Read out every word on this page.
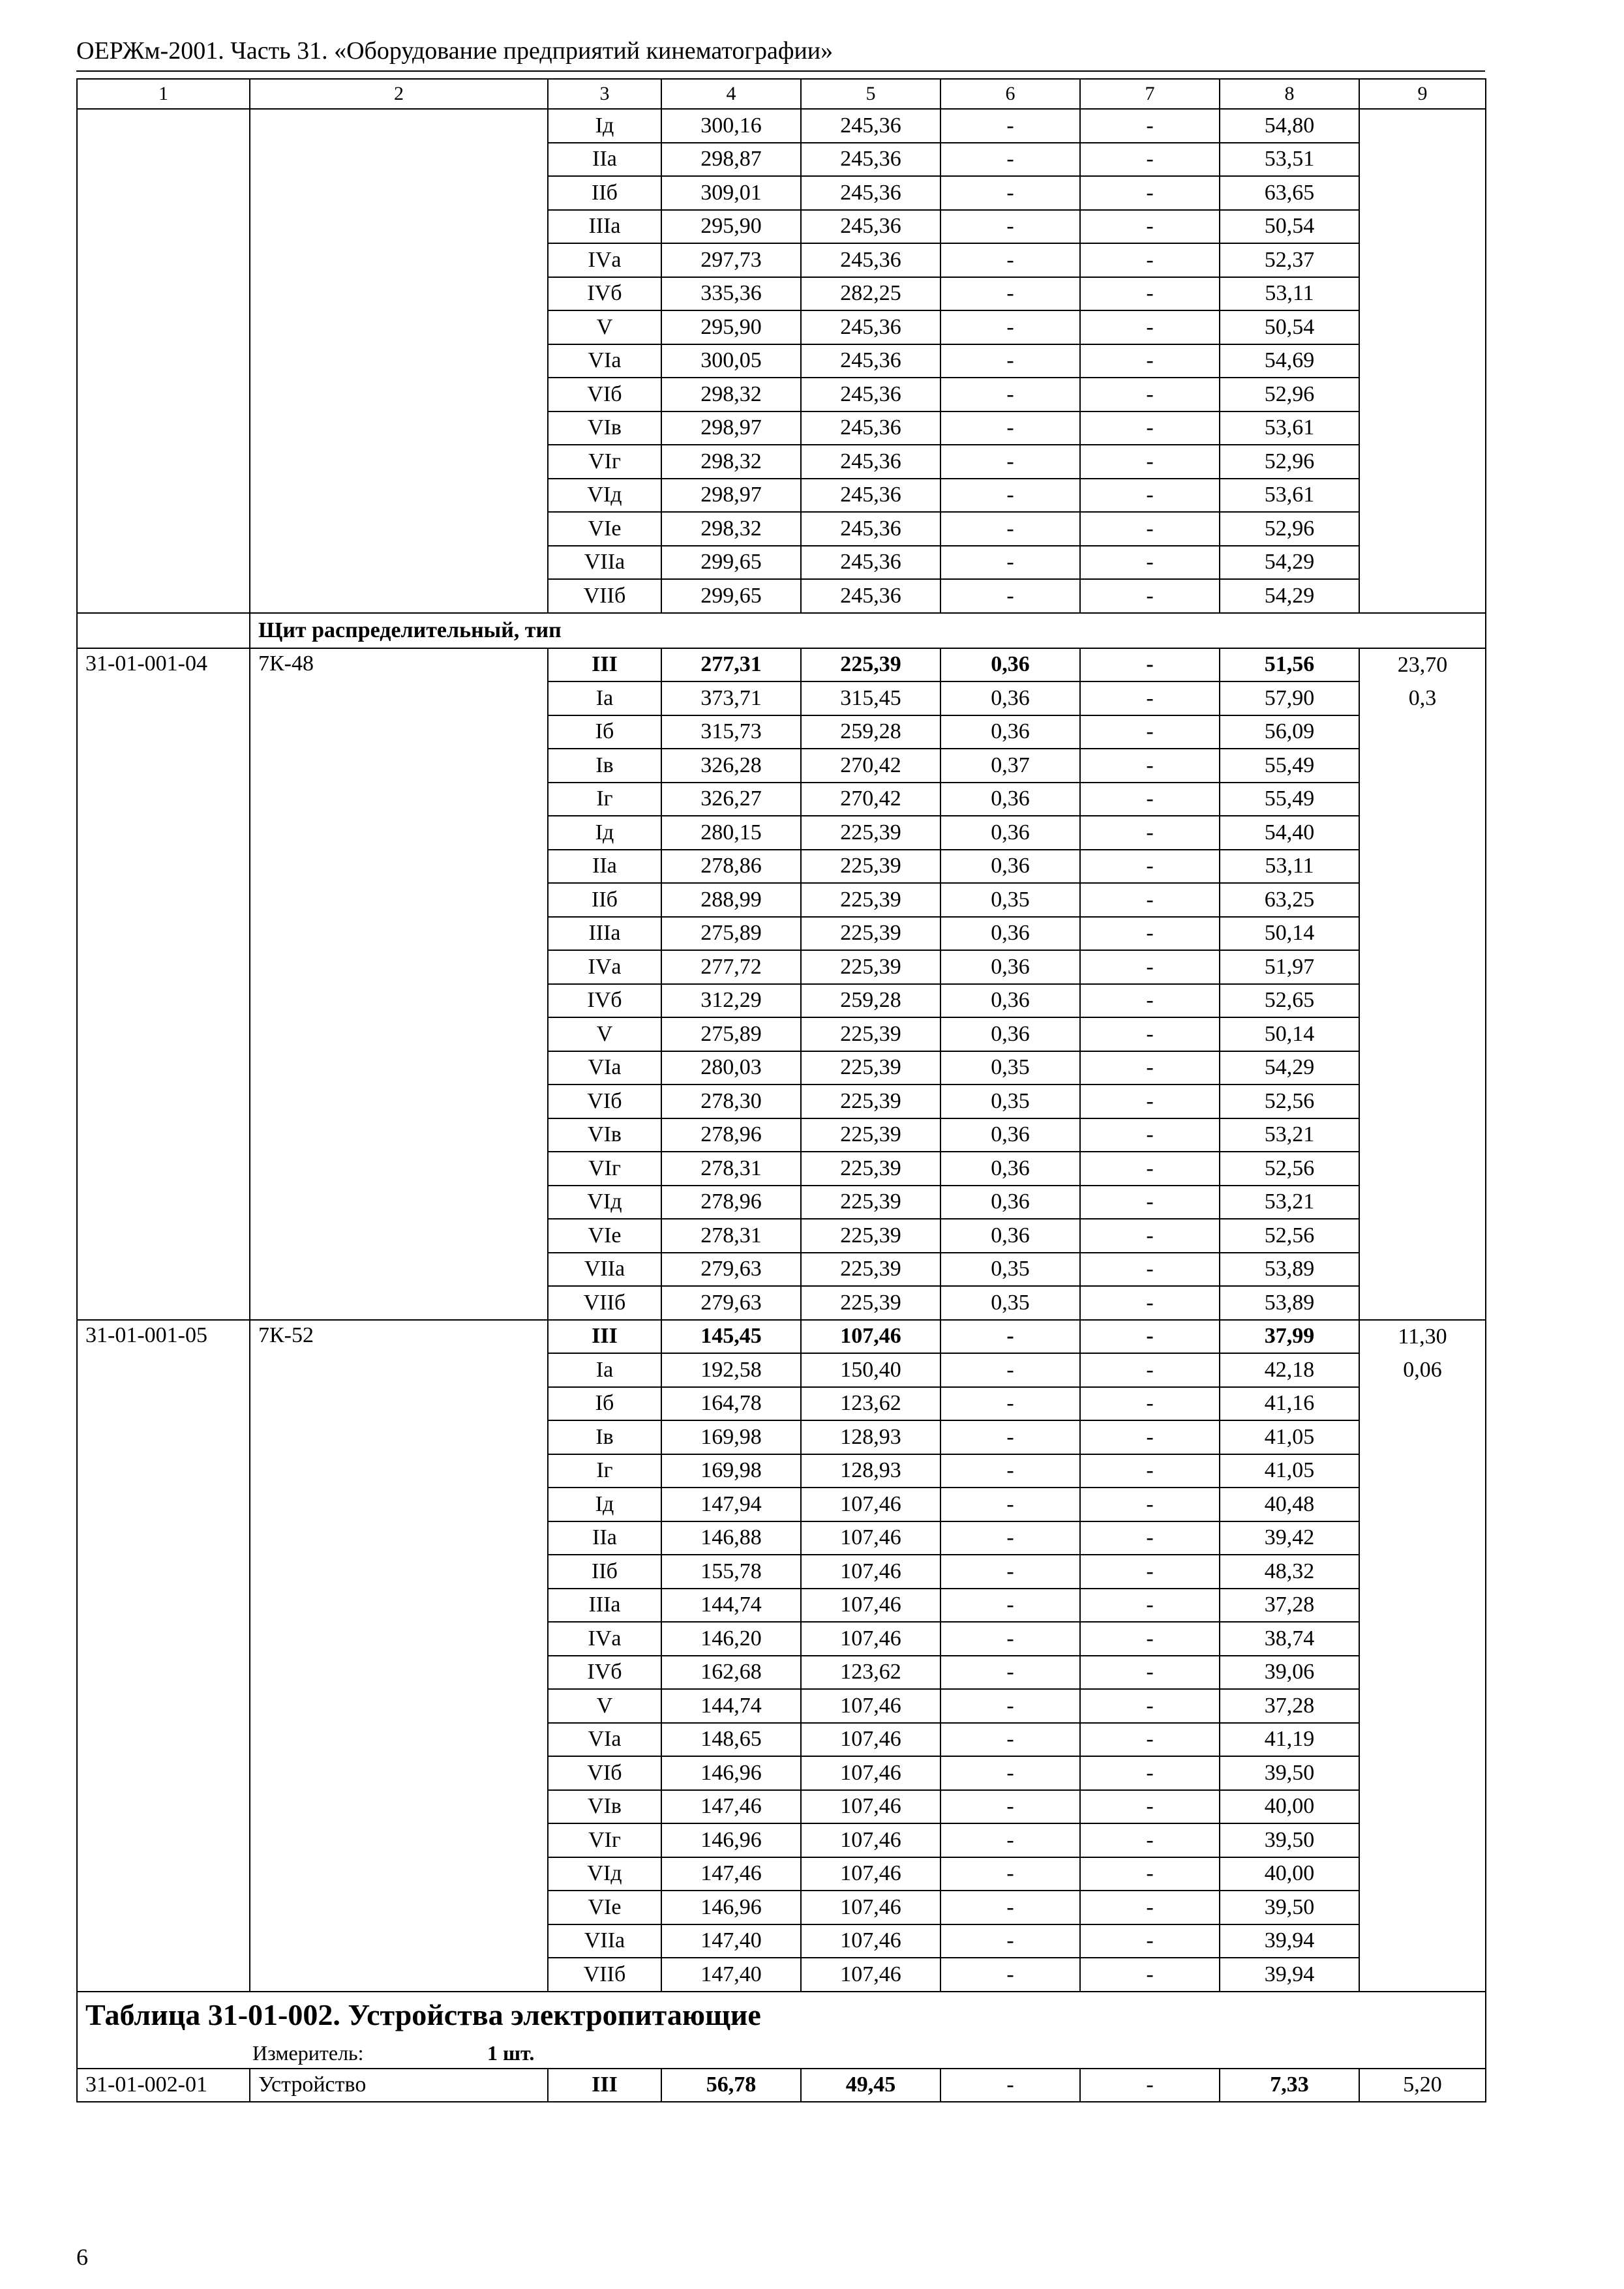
ОЕРЖм-2001. Часть 31. «Оборудование предприятий кинематографии»
1	2	3	4	5	6	7	8	9
		Iд	300,16	245,36	-	-	54,80	
		IIа	298,87	245,36	-	-	53,51	
		IIб	309,01	245,36	-	-	63,65	
		IIIа	295,90	245,36	-	-	50,54	
		IVа	297,73	245,36	-	-	52,37	
		IVб	335,36	282,25	-	-	53,11	
		V	295,90	245,36	-	-	50,54	
		VIа	300,05	245,36	-	-	54,69	
		VIб	298,32	245,36	-	-	52,96	
		VIв	298,97	245,36	-	-	53,61	
		VIг	298,32	245,36	-	-	52,96	
		VIд	298,97	245,36	-	-	53,61	
		VIе	298,32	245,36	-	-	52,96	
		VIIа	299,65	245,36	-	-	54,29	
		VIIб	299,65	245,36	-	-	54,29	
	Щит распределительный, тип							
31-01-001-04	7К-48	III	277,31	225,39	0,36	-	51,56	23,70
		Iа	373,71	315,45	0,36	-	57,90	0,3
		Iб	315,73	259,28	0,36	-	56,09	
		Iв	326,28	270,42	0,37	-	55,49	
		Iг	326,27	270,42	0,36	-	55,49	
		Iд	280,15	225,39	0,36	-	54,40	
		IIа	278,86	225,39	0,36	-	53,11	
		IIб	288,99	225,39	0,35	-	63,25	
		IIIа	275,89	225,39	0,36	-	50,14	
		IVа	277,72	225,39	0,36	-	51,97	
		IVб	312,29	259,28	0,36	-	52,65	
		V	275,89	225,39	0,36	-	50,14	
		VIа	280,03	225,39	0,35	-	54,29	
		VIб	278,30	225,39	0,35	-	52,56	
		VIв	278,96	225,39	0,36	-	53,21	
		VIг	278,31	225,39	0,36	-	52,56	
		VIд	278,96	225,39	0,36	-	53,21	
		VIе	278,31	225,39	0,36	-	52,56	
		VIIа	279,63	225,39	0,35	-	53,89	
		VIIб	279,63	225,39	0,35	-	53,89	
31-01-001-05	7К-52	III	145,45	107,46	-	-	37,99	11,30
		Iа	192,58	150,40	-	-	42,18	0,06
		Iб	164,78	123,62	-	-	41,16	
		Iв	169,98	128,93	-	-	41,05	
		Iг	169,98	128,93	-	-	41,05	
		Iд	147,94	107,46	-	-	40,48	
		IIа	146,88	107,46	-	-	39,42	
		IIб	155,78	107,46	-	-	48,32	
		IIIа	144,74	107,46	-	-	37,28	
		IVа	146,20	107,46	-	-	38,74	
		IVб	162,68	123,62	-	-	39,06	
		V	144,74	107,46	-	-	37,28	
		VIа	148,65	107,46	-	-	41,19	
		VIб	146,96	107,46	-	-	39,50	
		VIв	147,46	107,46	-	-	40,00	
		VIг	146,96	107,46	-	-	39,50	
		VIд	147,46	107,46	-	-	40,00	
		VIе	146,96	107,46	-	-	39,50	
		VIIа	147,40	107,46	-	-	39,94	
		VIIб	147,40	107,46	-	-	39,94	
Таблица 31-01-002. Устройства электропитающие								
Измеритель: 1 шт.								
31-01-002-01	Устройство	III	56,78	49,45	-	-	7,33	5,20
6
